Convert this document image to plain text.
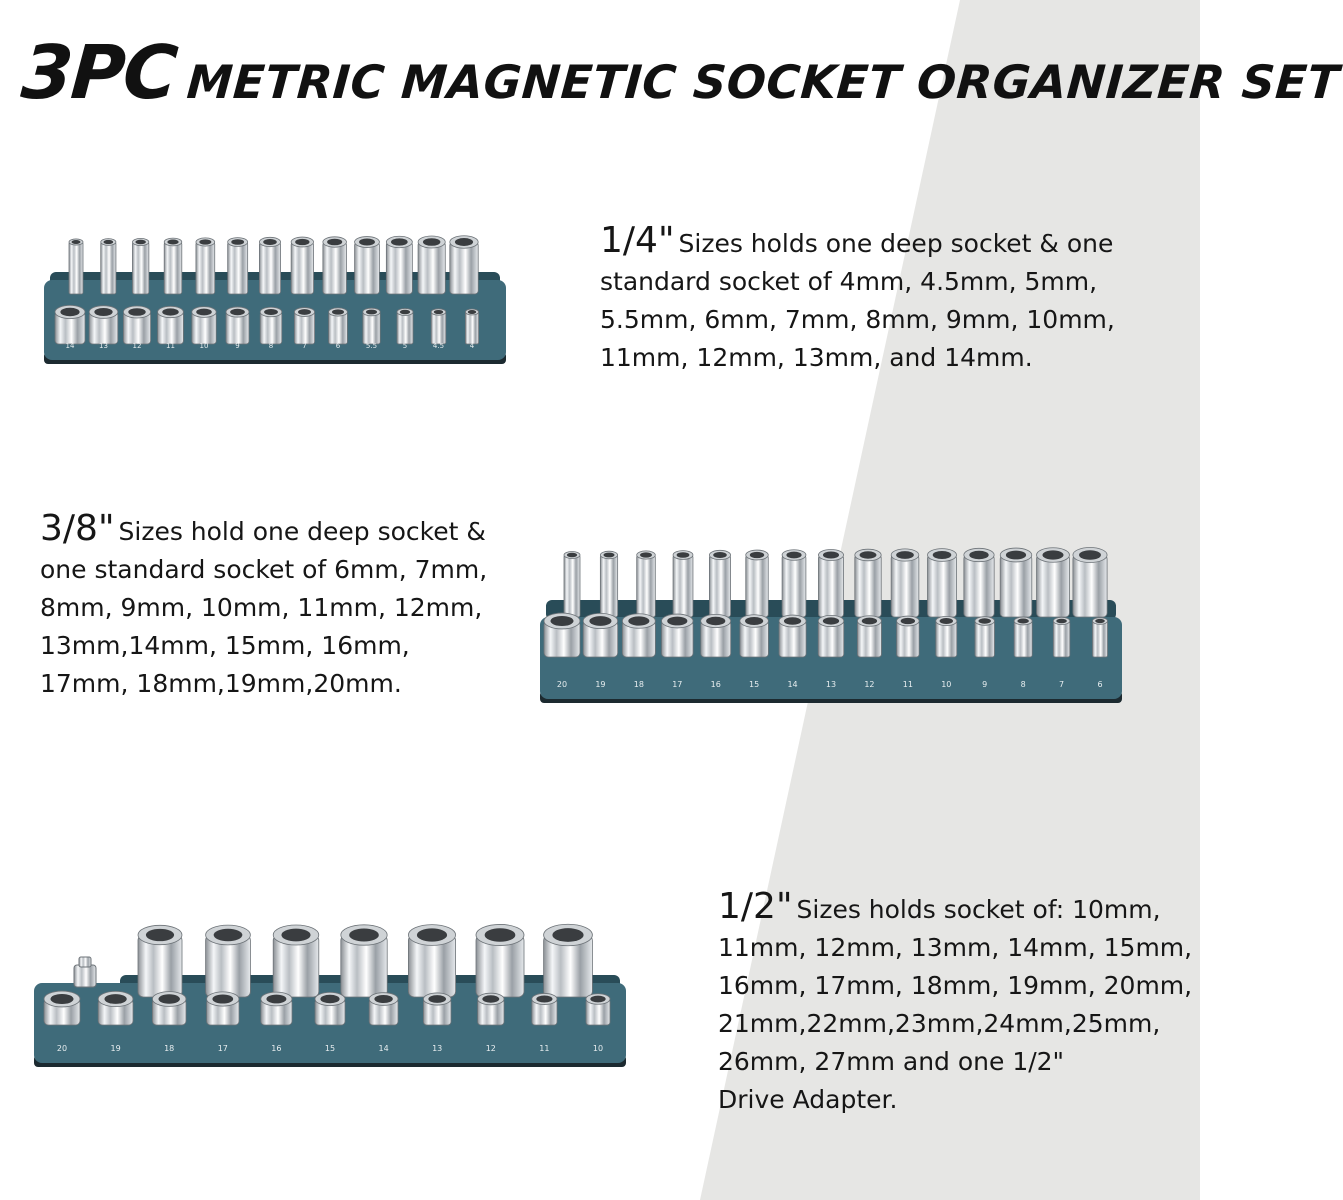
3PC METRIC MAGNETIC SOCKET ORGANIZER SET
14	13	12	11	10	9	8	7	6	5.5	5	4.5	4
1/4" Sizes holds one deep socket & one
standard socket of 4mm, 4.5mm, 5mm,
5.5mm, 6mm, 7mm, 8mm, 9mm, 10mm,
11mm, 12mm, 13mm, and 14mm.
3/8" Sizes hold one deep socket &
one standard socket of 6mm, 7mm,
8mm, 9mm, 10mm, 11mm, 12mm,
13mm,14mm, 15mm, 16mm,
17mm, 18mm,19mm,20mm.	20	19	18	17	16	15	14	13	12	11	10	9	8	7	6
20	19	18	17	16	15	14	13	12	11	10
1/2" Sizes holds socket of: 10mm,
11mm, 12mm, 13mm, 14mm, 15mm,
16mm, 17mm, 18mm, 19mm, 20mm,
21mm,22mm,23mm,24mm,25mm,
26mm, 27mm and one 1/2"
Drive Adapter.
